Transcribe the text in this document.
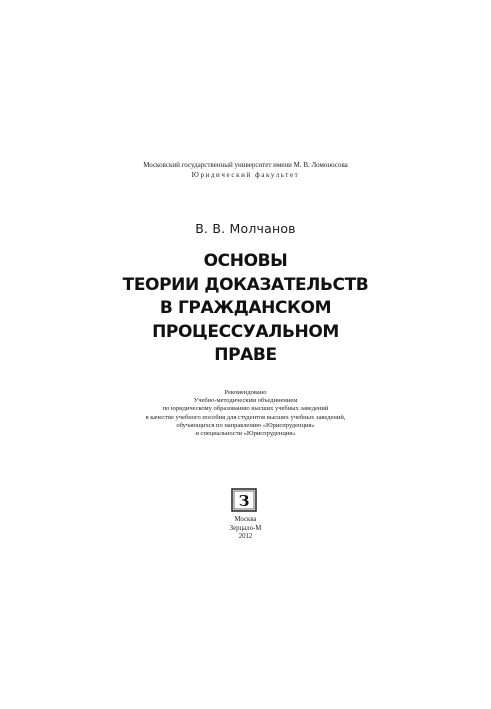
Московский государственный университет имени М. В. Ломоносова
Юридический факультет
В. В. Молчанов
ОСНОВЫ
ТЕОРИИ ДОКАЗАТЕЛЬСТВ
В ГРАЖДАНСКОМ
ПРОЦЕССУАЛЬНОМ
ПРАВЕ
Рекомендовано
Учебно-методическим объединением
по юридическому образованию высших учебных заведений
в качестве учебного пособия для студентов высших учебных заведений,
обучающихся по направлению «Юриспруденция»
и специальности «Юриспруденция»
З
Москва
Зерцало-М
2012
